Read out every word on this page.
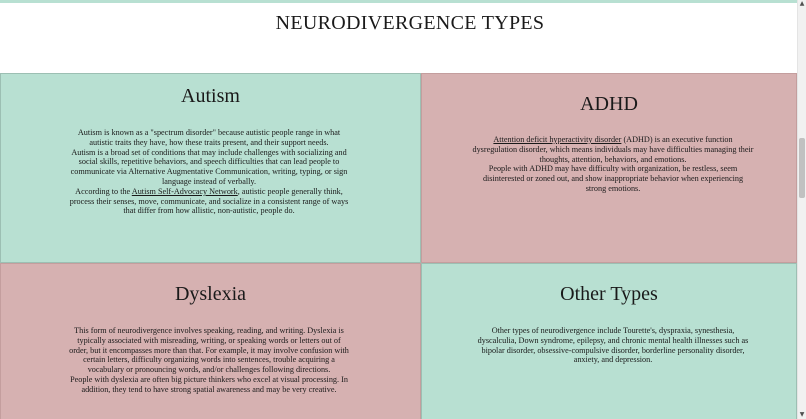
NEURODIVERGENCE TYPES
Autism

Autism is known as a "spectrum disorder" because autistic people range in what autistic traits they have, how these traits present, and their support needs.

Autism is a broad set of conditions that may include challenges with socializing and social skills, repetitive behaviors, and speech difficulties that can lead people to communicate via Alternative Augmentative Communication, writing, typing, or sign language instead of verbally.

According to the Autism Self-Advocacy Network, autistic people generally think, process their senses, move, communicate, and socialize in a consistent range of ways that differ from how allistic, non-autistic, people do.

ADHD

Attention deficit hyperactivity disorder (ADHD) is an executive function dysregulation disorder, which means individuals may have difficulties managing their thoughts, attention, behaviors, and emotions.

People with ADHD may have difficulty with organization, be restless, seem disinterested or zoned out, and show inappropriate behavior when experiencing strong emotions.

Dyslexia

This form of neurodivergence involves speaking, reading, and writing. Dyslexia is typically associated with misreading, writing, or speaking words or letters out of order, but it encompasses more than that. For example, it may involve confusion with certain letters, difficulty organizing words into sentences, trouble acquiring a vocabulary or pronouncing words, and/or challenges following directions.

People with dyslexia are often big picture thinkers who excel at visual processing. In addition, they tend to have strong spatial awareness and may be very creative.

Other Types

Other types of neurodivergence include Tourette's, dyspraxia, synesthesia, dyscalculia, Down syndrome, epilepsy, and chronic mental health illnesses such as bipolar disorder, obsessive-compulsive disorder, borderline personality disorder, anxiety, and depression.

▲
▼
